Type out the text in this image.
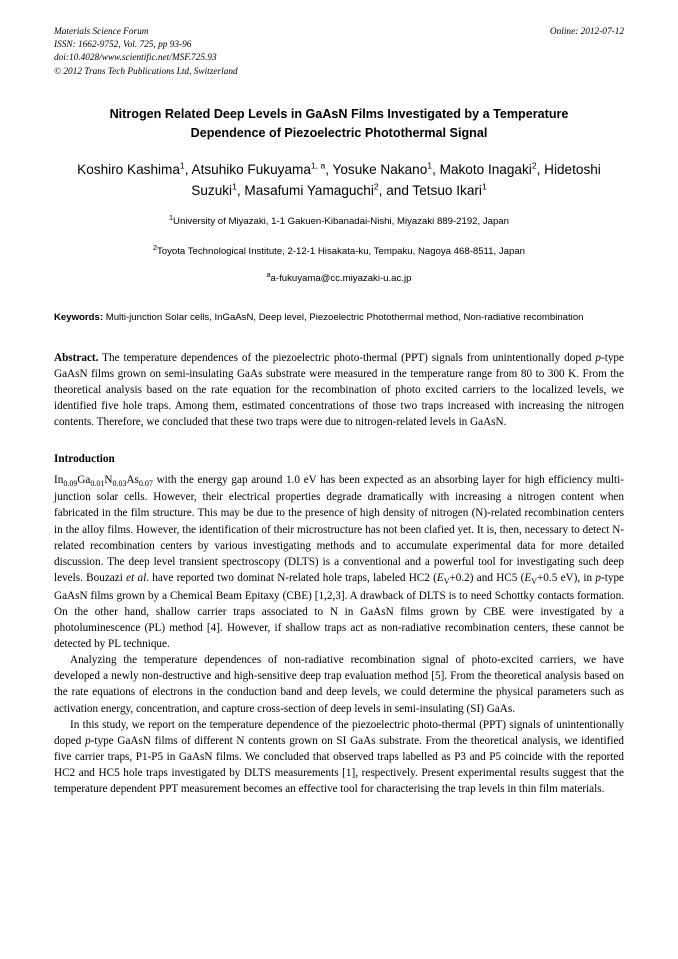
Materials Science Forum
ISSN: 1662-9752, Vol. 725, pp 93-96
doi:10.4028/www.scientific.net/MSF.725.93
© 2012 Trans Tech Publications Ltd, Switzerland
Online: 2012-07-12
Nitrogen Related Deep Levels in GaAsN Films Investigated by a Temperature Dependence of Piezoelectric Photothermal Signal
Koshiro Kashima$^1$, Atsuhiko Fukuyama$^{1, a}$, Yosuke Nakano$^1$, Makoto Inagaki$^2$, Hidetoshi Suzuki$^1$, Masafumi Yamaguchi$^2$, and Tetsuo Ikari$^1$
$^1$University of Miyazaki, 1-1 Gakuen-Kibanadai-Nishi, Miyazaki 889-2192, Japan
$^2$Toyota Technological Institute, 2-12-1 Hisakata-ku, Tempaku, Nagoya 468-8511, Japan
$^a$a-fukuyama@cc.miyazaki-u.ac.jp
Keywords: Multi-junction Solar cells, InGaAsN, Deep level, Piezoelectric Photothermal method, Non-radiative recombination
Abstract. The temperature dependences of the piezoelectric photo-thermal (PPT) signals from unintentionally doped p-type GaAsN films grown on semi-insulating GaAs substrate were measured in the temperature range from 80 to 300 K. From the theoretical analysis based on the rate equation for the recombination of photo excited carriers to the localized levels, we identified five hole traps. Among them, estimated concentrations of those two traps increased with increasing the nitrogen contents. Therefore, we concluded that these two traps were due to nitrogen-related levels in GaAsN.
Introduction

$In_{0.09}Ga_{0.01}N_{0.03}As_{0.07}$ with the energy gap around 1.0 eV has been expected as an absorbing layer for high efficiency multi-junction solar cells. However, their electrical properties degrade dramatically with increasing a nitrogen content when fabricated in the film structure. This may be due to the presence of high density of nitrogen (N)-related recombination centers in the alloy films. However, the identification of their microstructure has not been clafied yet. It is, then, necessary to detect N-related recombination centers by various investigating methods and to accumulate experimental data for more detailed discussion. The deep level transient spectroscopy (DLTS) is a conventional and a powerful tool for investigating such deep levels. Bouzazi et al. have reported two dominat N-related hole traps, labeled HC2 $(E_V+0.2)$ and HC5 ($E_V+0.5$ eV), in p-type GaAsN films grown by a Chemical Beam Epitaxy (CBE) [1,2,3]. A drawback of DLTS is to need Schottky contacts formation. On the other hand, shallow carrier traps associated to N in GaAsN films grown by CBE were investigated by a photoluminescence (PL) method [4]. However, if shallow traps act as non-radiative recombination centers, these cannot be detected by PL technique.

Analyzing the temperature dependences of non-radiative recombination signal of photo-excited carriers, we have developed a newly non-destructive and high-sensitive deep trap evaluation method [5]. From the theoretical analysis based on the rate equations of electrons in the conduction band and deep levels, we could determine the physical parameters such as activation energy, concentration, and capture cross-section of deep levels in semi-insulating (SI) GaAs.

In this study, we report on the temperature dependence of the piezoelectric photo-thermal (PPT) signals of unintentionally doped p-type GaAsN films of different N contents grown on SI GaAs substrate. From the theoretical analysis, we identified five carrier traps, P1-P5 in GaAsN films. We concluded that observed traps labelled as P3 and P5 coincide with the reported HC2 and HC5 hole traps investigated by DLTS measurements [1], respectively. Present experimental results suggest that the temperature dependent PPT measurement becomes an effective tool for characterising the trap levels in thin film materials.
